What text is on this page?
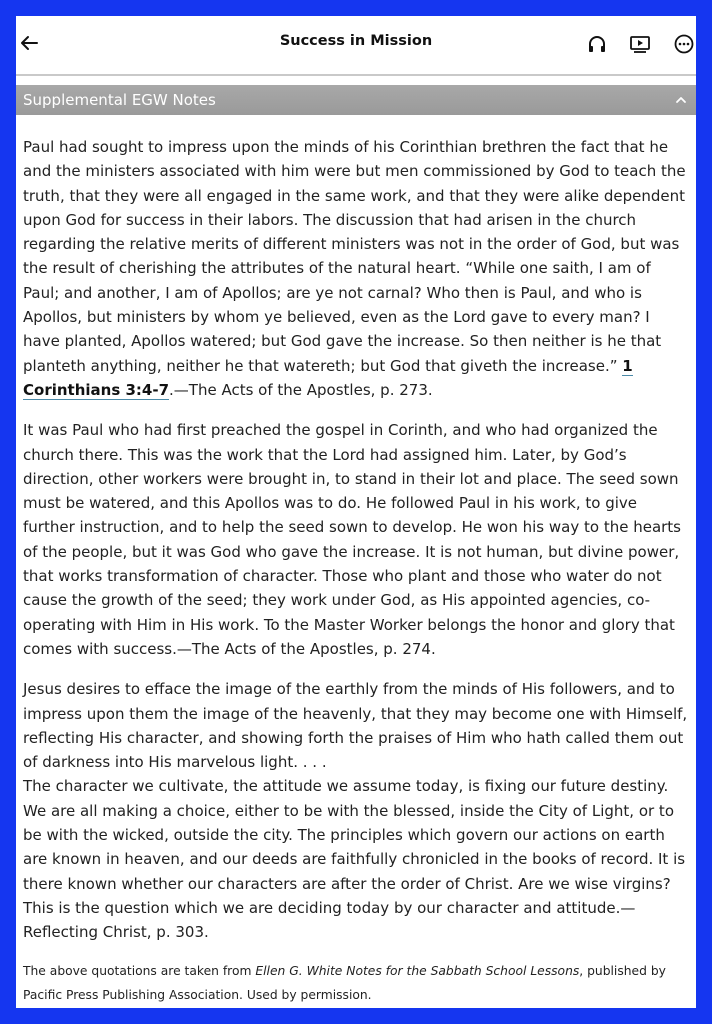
Success in Mission
Supplemental EGW Notes

Paul had sought to impress upon the minds of his Corinthian brethren the fact that he and the ministers associated with him were but men commissioned by God to teach the truth, that they were all engaged in the same work, and that they were alike dependent upon God for success in their labors. The discussion that had arisen in the church regarding the relative merits of different ministers was not in the order of God, but was the result of cherishing the attributes of the natural heart. “While one saith, I am of Paul; and another, I am of Apollos; are ye not carnal? Who then is Paul, and who is Apollos, but ministers by whom ye believed, even as the Lord gave to every man? I have planted, Apollos watered; but God gave the increase. So then neither is he that planteth anything, neither he that watereth; but God that giveth the increase.” 1 Corinthians 3:4-7.—The Acts of the Apostles, p. 273.

It was Paul who had first preached the gospel in Corinth, and who had organized the church there. This was the work that the Lord had assigned him. Later, by God’s direction, other workers were brought in, to stand in their lot and place. The seed sown must be watered, and this Apollos was to do. He followed Paul in his work, to give further instruction, and to help the seed sown to develop. He won his way to the hearts of the people, but it was God who gave the increase. It is not human, but divine power, that works transformation of character. Those who plant and those who water do not cause the growth of the seed; they work under God, as His appointed agencies, co-operating with Him in His work. To the Master Worker belongs the honor and glory that comes with success.—The Acts of the Apostles, p. 274.

Jesus desires to efface the image of the earthly from the minds of His followers, and to impress upon them the image of the heavenly, that they may become one with Himself, reflecting His character, and showing forth the praises of Him who hath called them out of darkness into His marvelous light. . . .
The character we cultivate, the attitude we assume today, is fixing our future destiny. We are all making a choice, either to be with the blessed, inside the City of Light, or to be with the wicked, outside the city. The principles which govern our actions on earth are known in heaven, and our deeds are faithfully chronicled in the books of record. It is there known whether our characters are after the order of Christ. Are we wise virgins? This is the question which we are deciding today by our character and attitude.—Reflecting Christ, p. 303.

The above quotations are taken from Ellen G. White Notes for the Sabbath School Lessons, published by Pacific Press Publishing Association. Used by permission.
